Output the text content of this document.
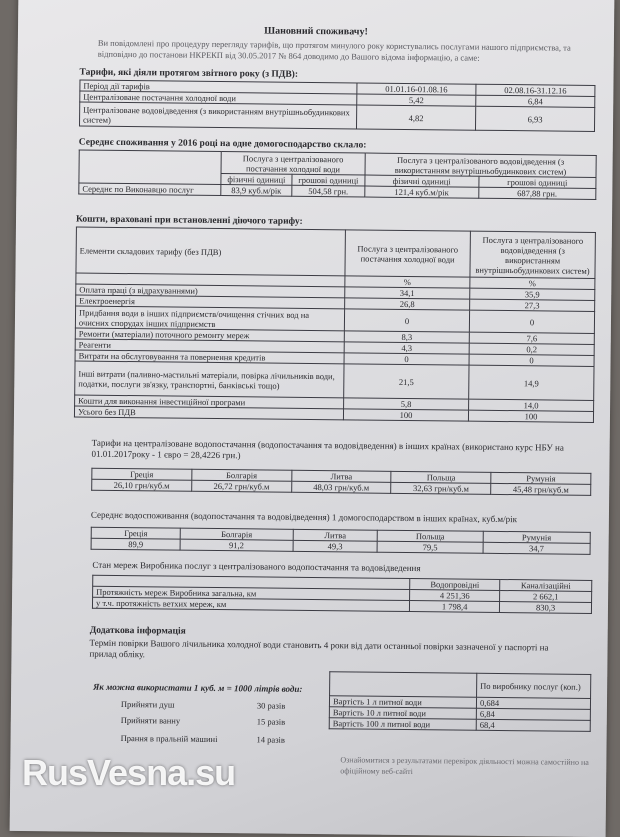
Шановний споживачу!
Ви повідомлені про процедуру перегляду тарифів, що протягом минулого року користувались послугами нашого підприємства, та відповідно до постанови НКРЕКП від 30.05.2017 № 864 доводимо до Вашого відома інформацію, а саме:
Тарифи, які діяли протягом звітного року (з ПДВ):
Період дії тарифів	01.01.16-01.08.16	02.08.16-31.12.16
Централізоване постачання холодної води	5,42	6,84
Централізоване водовідведення (з використанням внутрішньобудинкових систем)	4,82	6,93
Середнє споживання у 2016 році на одне домогосподарство склало:
	Послуга з централізованого постачання холодної води		Послуга з централізованого водовідведення (з використанням внутрішньобудинкових систем)	
	фізичні одиниці	грошові одиниці	фізичні одиниці	грошові одиниці
Середнє по Виконавцю послуг	83,9 куб.м/рік	504,58 грн.	121,4 куб.м/рік	687,88 грн.
Кошти, враховані при встановленні діючого тарифу:
Елементи складових тарифу (без ПДВ)	Послуга з централізованого постачання холодної води	Послуга з централізованого водовідведення (з використанням внутрішньобудинкових систем)
	%	%
Оплата праці (з відрахуваннями)	34,1	35,9
Електроенергія	26,8	27,3
Придбання води в інших підприємств/очищення стічних вод на очисних спорудах інших підприємств	0	0
Ремонти (матеріали) поточного ремонту мереж	8,3	7,6
Реагенти	4,3	0,2
Витрати на обслуговування та повернення кредитів	0	0
Інші витрати (паливно-мастильні матеріали, повірка лічильників води, податки, послуги зв'язку, транспортні, банківські тощо)	21,5	14,9
Кошти для виконання інвестиційної програми	5,8	14,0
Усього без ПДВ	100	100
Тарифи на централізоване водопостачання (водопостачання та водовідведення) в інших країнах (використано курс НБУ на 01.01.2017року - 1 євро = 28,4226 грн.)
Греція	Болгарія	Литва	Польща	Румунія
26,10 грн/куб.м	26,72 грн/куб.м	48,03 грн/куб.м	32,63 грн/куб.м	45,48 грн/куб.м
Середнє водоспоживання (водопостачання та водовідведення) 1 домогосподарством в інших країнах, куб.м/рік
Греція	Болгарія	Литва	Польща	Румунія
89,9	91,2	49,3	79,5	34,7
Стан мереж Виробника послуг з централізованого водопостачання та водовідведення
	Водопровідні	Каналізаційні
Протяжність мереж Виробника загальна, км	4 251,36	2 662,1
у т.ч. протяжність ветхих мереж, км	1 798,4	830,3
Додаткова інформація
Термін повірки Вашого лічильника холодної води становить 4 роки від дати останньої повірки зазначеної у паспорті на прилад обліку.
Як можна використати 1 куб. м = 1000 літрів води:
Прийняти душ	30 разів
Прийняти ванну	15 разів
Прання в пральній машині	14 разів
	По виробнику послуг (коп.)
Вартість 1 л питної води	0,684
Вартість 10 л питної води	6,84
Вартість 100 л питної води	68,4
Ознайомитися з результатами перевірок діяльності можна самостійно на офіційному веб-сайті
RusVesna.su
